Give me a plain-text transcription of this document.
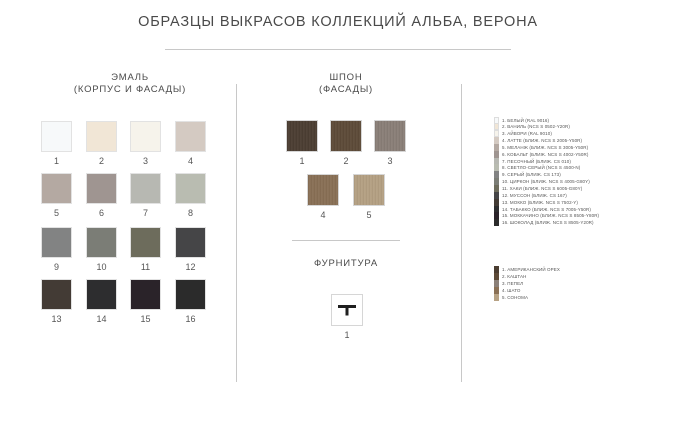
ОБРАЗЦЫ ВЫКРАСОВ КОЛЛЕКЦИЙ АЛЬБА, ВЕРОНА
ЭМАЛЬ
(КОРПУС И ФАСАДЫ)
1	2	3	4
5	6	7	8
9	10	11	12
13	14	15	16
ШПОН
(ФАСАДЫ)
1	2	3
4	5
ФУРНИТУРА
1
1. БЕЛЫЙ (RAL 9016)
2. ВАНИЛЬ (NCS S 0502-Y20R)
3. АЙВОРИ (RAL 9010)
4. ЛАТТЕ (БЛИЖ. NCS S 2005-Y50R)
5. МЕЛАНЖ (БЛИЖ. NCS S 3005-Y50R)
6. КОБАЛЬТ (БЛИЖ. NCS S 4002-Y50R)
7. ПЕСОЧНЫЙ (БЛИЖ. CS 010)
8. СВЕТЛО-СЕРЫЙ (NCS S 4500-N)
9. СЕРЫЙ (БЛИЖ. CS 173)
10. ЦИРКОН (БЛИЖ. NCS S 4005-G80Y)
11. ХАКИ (БЛИЖ. NCS S 6005-G80Y)
12. МУССОН (БЛИЖ. CS 167)
13. МОККО (БЛИЖ. NCS S 7502-Y)
14. ТАБАККО (БЛИЖ. NCS S 7005-Y50R)
15. МОККАЧИНО (БЛИЖ. NCS S 8505-Y80R)
16. ШОКОЛАД (БЛИЖ. NCS S 8505-Y20R)
1. АМЕРИКАНСКИЙ ОРЕХ
2. КАШТАН
3. ПЕПЕЛ
4. ШАТО
5. СОНОМА
